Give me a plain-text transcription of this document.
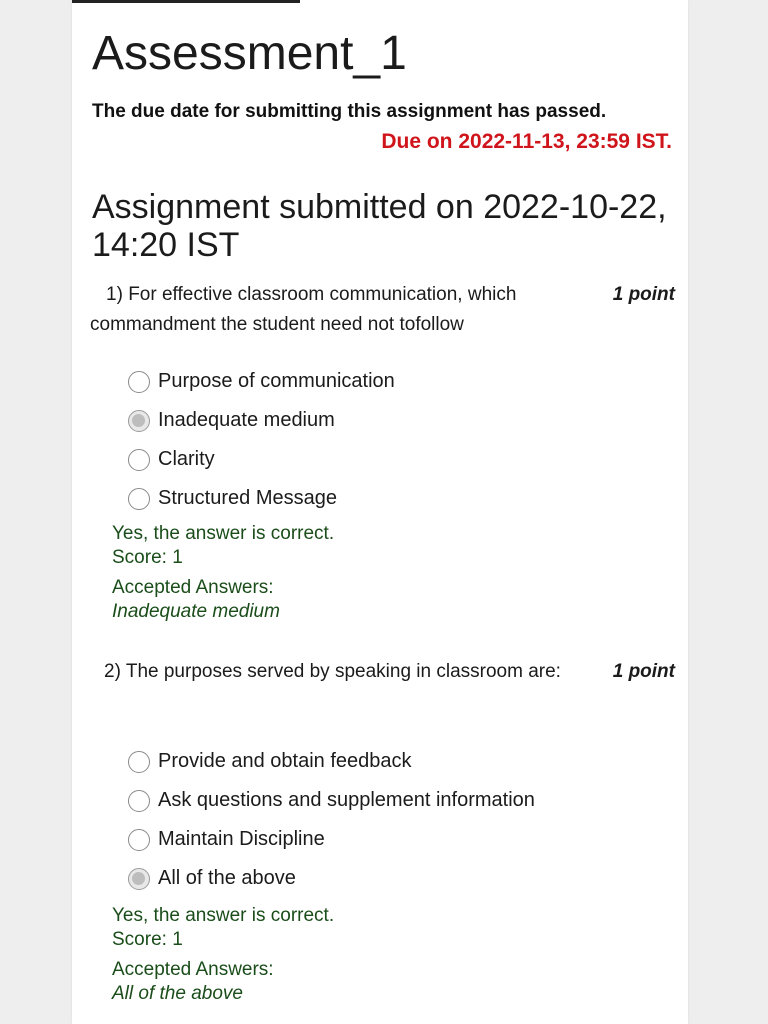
Assessment_1
The due date for submitting this assignment has passed.
Due on 2022-11-13, 23:59 IST.
Assignment submitted on 2022-10-22, 14:20 IST
1) For effective classroom communication, which commandment the student need not tofollow
1 point
Purpose of communication
Inadequate medium
Clarity
Structured Message
Yes, the answer is correct.
Score: 1
Accepted Answers:
Inadequate medium
2) The purposes served by speaking in classroom are:	1 point
Provide and obtain feedback
Ask questions and supplement information
Maintain Discipline
All of the above
Yes, the answer is correct.
Score: 1
Accepted Answers:
All of the above
